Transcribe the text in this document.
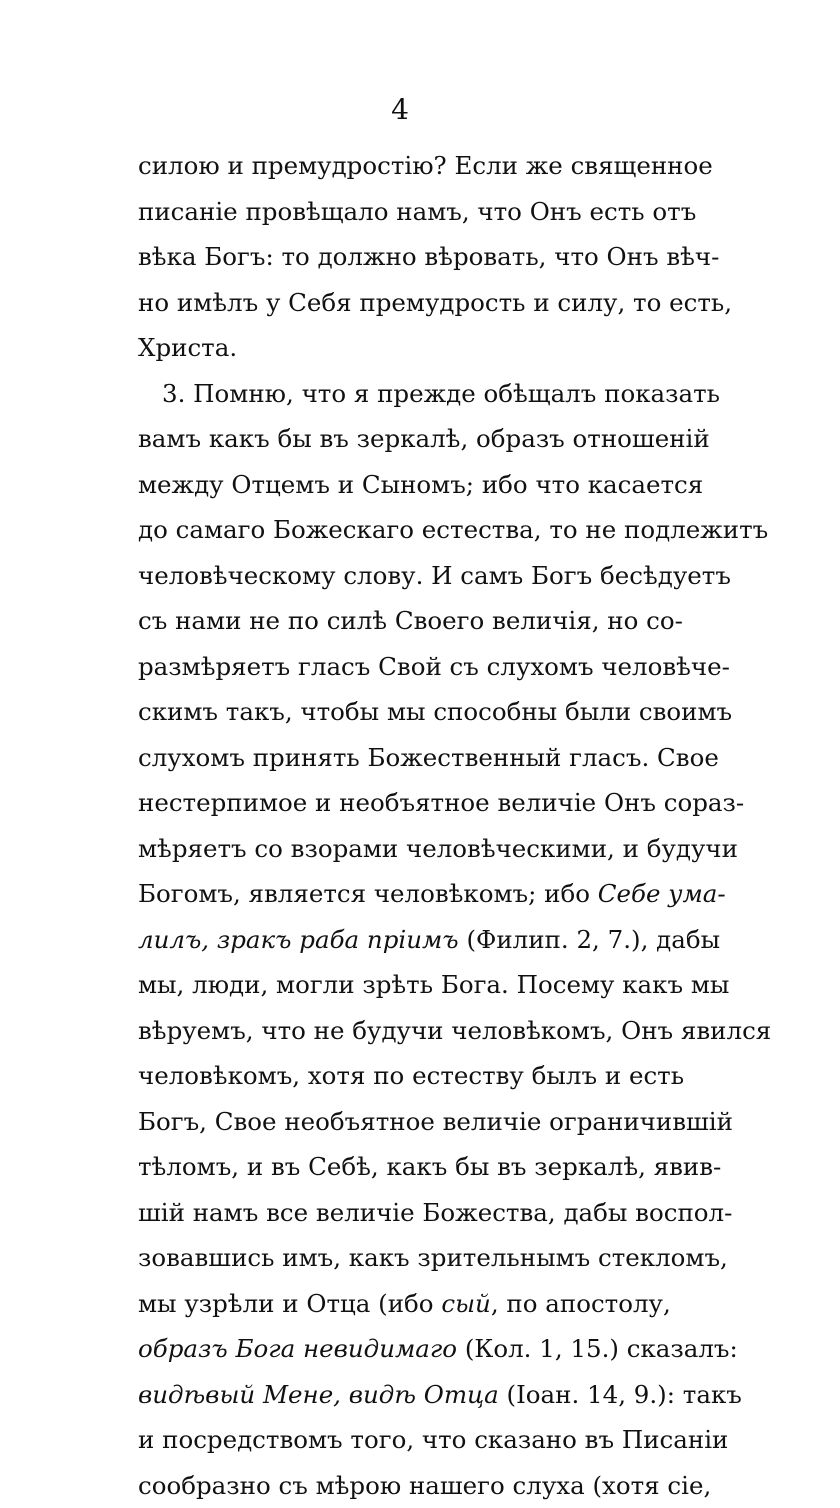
4
силою и премудростію? Если же священное
писаніе провѣщало намъ, что Онъ есть отъ
вѣка Богъ: то должно вѣровать, что Онъ вѣч-
но имѣлъ у Себя премудрость и силу, то есть,
Христа.
3. Помню, что я прежде обѣщалъ показать
вамъ какъ бы въ зеркалѣ, образъ отношеній
между Отцемъ и Сыномъ; ибо что касается
до самаго Божескаго естества, то не подлежитъ
человѣческому слову. И самъ Богъ бесѣдуетъ
съ нами не по силѣ Своего величія, но со-
размѣряетъ гласъ Свой съ слухомъ человѣче-
скимъ такъ, чтобы мы способны были своимъ
слухомъ принять Божественный гласъ. Свое
нестерпимое и необъятное величіе Онъ сораз-
мѣряетъ со взорами человѣческими, и будучи
Богомъ, является человѣкомъ; ибо Себе ума-
лилъ, зракъ раба пріимъ (Филип. 2, 7.), дабы
мы, люди, могли зрѣть Бога. Посему какъ мы
вѣруемъ, что не будучи человѣкомъ, Онъ явился
человѣкомъ, хотя по естеству былъ и есть
Богъ, Свое необъятное величіе ограничившій
тѣломъ, и въ Себѣ, какъ бы въ зеркалѣ, явив-
шій намъ все величіе Божества, дабы воспол-
зовавшись имъ, какъ зрительнымъ стекломъ,
мы узрѣли и Отца (ибо сый, по апостолу,
образъ Бога невидимаго (Кол. 1, 15.) сказалъ:
видѣвый Мене, видѣ Отца (Іоан. 14, 9.): такъ
и посредствомъ того, что сказано въ Писаніи
сообразно съ мѣрою нашего слуха (хотя сіе,
